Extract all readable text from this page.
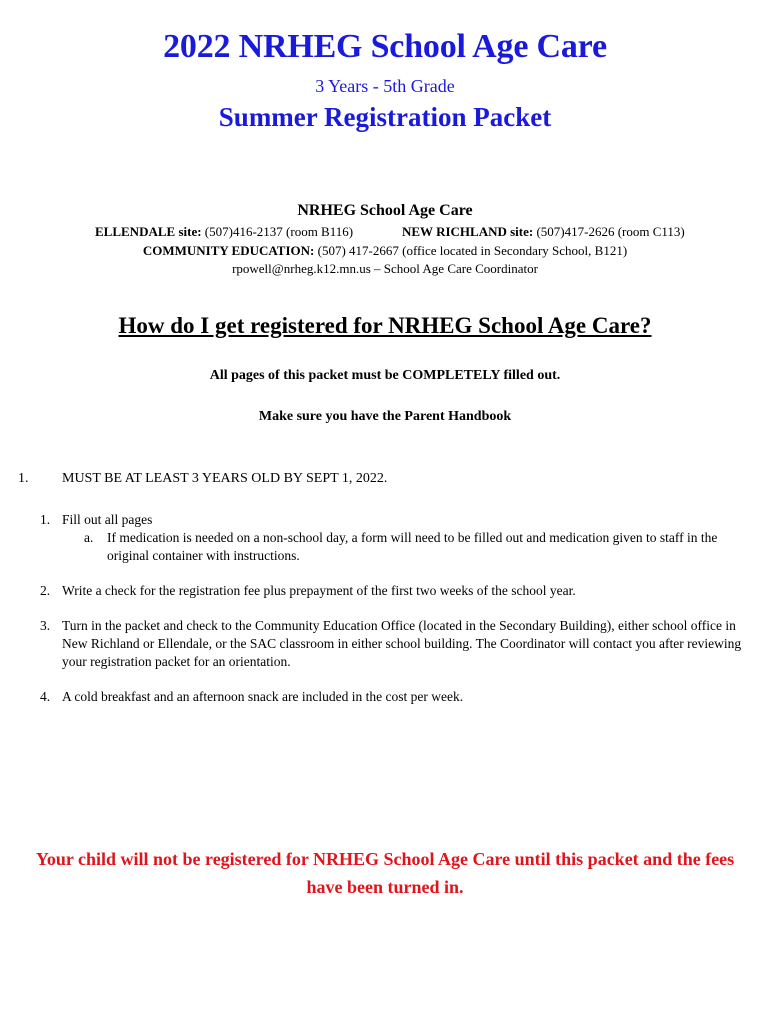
2022 NRHEG School Age Care
3 Years - 5th Grade
Summer Registration Packet
NRHEG School Age Care
ELLENDALE site: (507)416-2137 (room B116)	NEW RICHLAND site: (507)417-2626 (room C113)
COMMUNITY EDUCATION: (507) 417-2667 (office located in Secondary School, B121)
rpowell@nrheg.k12.mn.us – School Age Care Coordinator
How do I get registered for NRHEG School Age Care?
All pages of this packet must be COMPLETELY filled out.
Make sure you have the Parent Handbook
1. MUST BE AT LEAST 3 YEARS OLD BY SEPT 1, 2022.
1. Fill out all pages
a. If medication is needed on a non-school day, a form will need to be filled out and medication given to staff in the original container with instructions.
2. Write a check for the registration fee plus prepayment of the first two weeks of the school year.
3. Turn in the packet and check to the Community Education Office (located in the Secondary Building), either school office in New Richland or Ellendale, or the SAC classroom in either school building. The Coordinator will contact you after reviewing your registration packet for an orientation.
4. A cold breakfast and an afternoon snack are included in the cost per week.
Your child will not be registered for NRHEG School Age Care until this packet and the fees have been turned in.
